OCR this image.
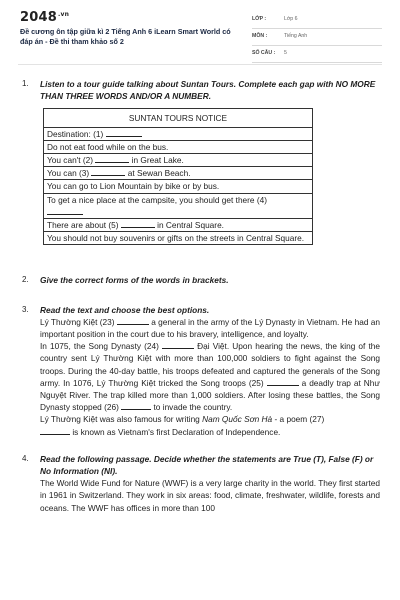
$2048^{.vn}$
Đề cương ôn tập giữa kì 2 Tiếng Anh 6 iLearn Smart World có đáp án - Đề thi tham khảo số 2
LỚP :	Lớp 6
MÔN :	Tiếng Anh
SỐ CÂU : 5
1.	Listen to a tour guide talking about Suntan Tours. Complete each gap with NO MORE THAN THREE WORDS AND/OR A NUMBER.
SUNTAN TOURS NOTICE
Destination: (1)
Do not eat food while on the bus.
You can't (2)	in Great Lake.
You can (3)	at Sewan Beach.
You can go to Lion Mountain by bike or by bus.
To get a nice place at the campsite, you should get there (4)

There are about (5)	in Central Square.
You should not buy souvenirs or gifts on the streets in Central Square.
2.	Give the correct forms of the words in brackets.
3.	Read the text and choose the best options.

Lý Thường Kiệt (23)	a general in the army of the Lý Dynasty in Vietnam. He had an important position in the court due to his bravery, intelligence, and loyalty.

In 1075, the Song Dynasty (24)	Đại Việt. Upon hearing the news, the king of the country sent Lý Thường Kiệt with more than 100,000 soldiers to fight against the Song troops. During the 40-day battle, his troops defeated and captured the generals of the Song army. In 1076, Lý Thường Kiệt tricked the Song troops (25)	a deadly trap at Như Nguyệt River. The trap killed more than 1,000 soldiers. After losing these battles, the Song Dynasty stopped (26)	to invade the country.

Lý Thường Kiệt was also famous for writing Nam Quốc Sơn Hà - a poem (27)
is known as Vietnam's first Declaration of Independence.

4.	Read the following passage. Decide whether the statements are True (T), False (F) or No Information (NI).

The World Wide Fund for Nature (WWF) is a very large charity in the world. They first started in 1961 in Switzerland. They work in six areas: food, climate, freshwater, wildlife, forests and oceans. The WWF has offices in more than 100
